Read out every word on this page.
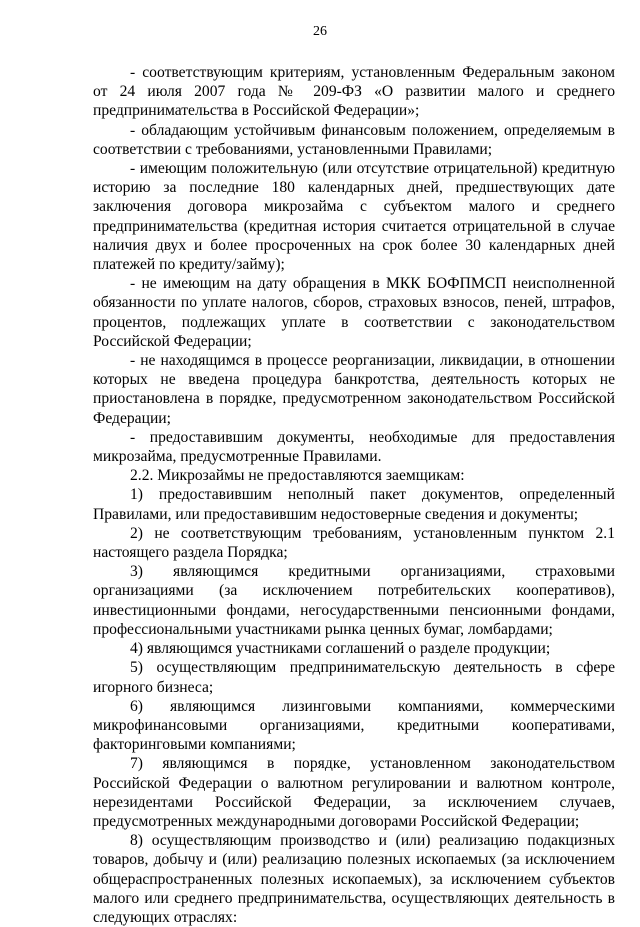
26

- соответствующим критериям, установленным Федеральным законом от 24 июля 2007 года № 209-ФЗ «О развитии малого и среднего предпринимательства в Российской Федерации»;

- обладающим устойчивым финансовым положением, определяемым в соответствии с требованиями, установленными Правилами;

- имеющим положительную (или отсутствие отрицательной) кредитную историю за последние 180 календарных дней, предшествующих дате заключения договора микрозайма с субъектом малого и среднего предпринимательства (кредитная история считается отрицательной в случае наличия двух и более просроченных на срок более 30 календарных дней платежей по кредиту/займу);

- не имеющим на дату обращения в МКК БОФПМСП неисполненной обязанности по уплате налогов, сборов, страховых взносов, пеней, штрафов, процентов, подлежащих уплате в соответствии с законодательством Российской Федерации;

- не находящимся в процессе реорганизации, ликвидации, в отношении которых не введена процедура банкротства, деятельность которых не приостановлена в порядке, предусмотренном законодательством Российской Федерации;

- предоставившим документы, необходимые для предоставления микрозайма, предусмотренные Правилами.

2.2. Микрозаймы не предоставляются заемщикам:

1) предоставившим неполный пакет документов, определенный Правилами, или предоставившим недостоверные сведения и документы;

2) не соответствующим требованиям, установленным пунктом 2.1 настоящего раздела Порядка;

3) являющимся кредитными организациями, страховыми организациями (за исключением потребительских кооперативов), инвестиционными фондами, негосударственными пенсионными фондами, профессиональными участниками рынка ценных бумаг, ломбардами;

4) являющимся участниками соглашений о разделе продукции;

5) осуществляющим предпринимательскую деятельность в сфере игорного бизнеса;

6) являющимся лизинговыми компаниями, коммерческими микрофинансовыми организациями, кредитными кооперативами, факторинговыми компаниями;

7) являющимся в порядке, установленном законодательством Российской Федерации о валютном регулировании и валютном контроле, нерезидентами Российской Федерации, за исключением случаев, предусмотренных международными договорами Российской Федерации;

8) осуществляющим производство и (или) реализацию подакцизных товаров, добычу и (или) реализацию полезных ископаемых (за исключением общераспространенных полезных ископаемых), за исключением субъектов малого или среднего предпринимательства, осуществляющих деятельность в следующих отраслях:
